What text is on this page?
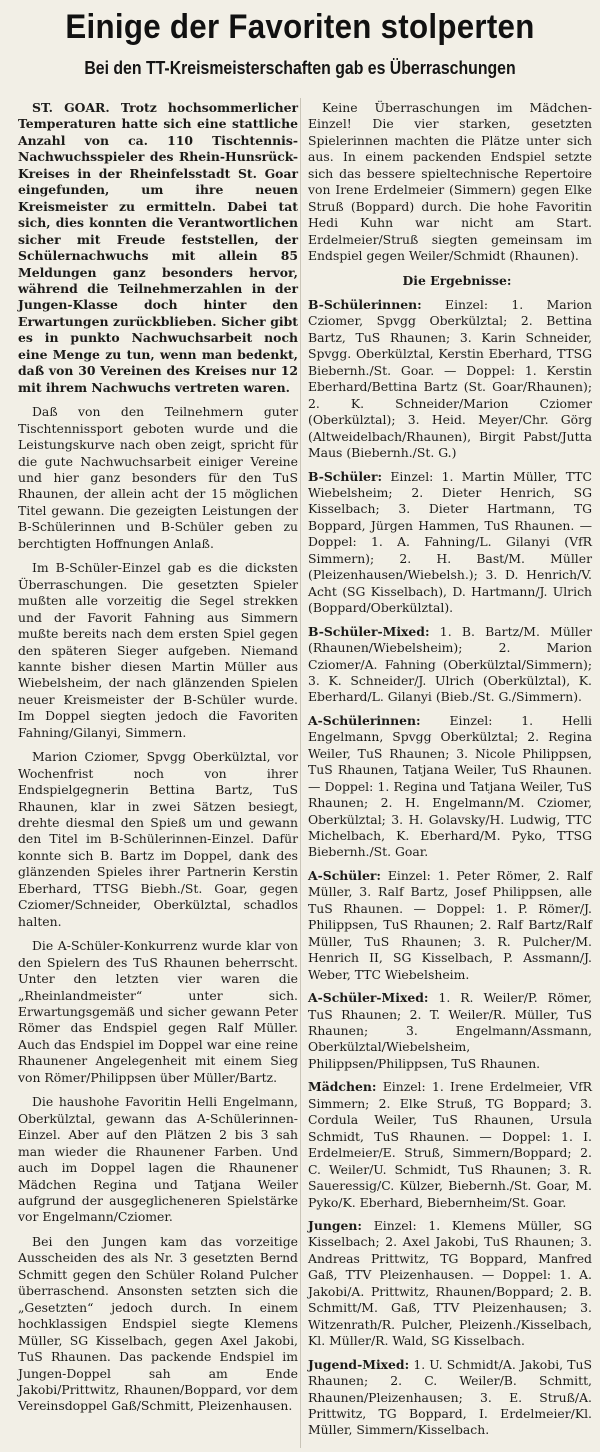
Einige der Favoriten stolperten
Bei den TT-Kreismeisterschaften gab es Überraschungen

ST. GOAR. Trotz hochsommerlicher Temperaturen hatte sich eine stattliche Anzahl von ca. 110 Tischtennis-Nachwuchsspieler des Rhein-Hunsrück-Kreises in der Rheinfelsstadt St. Goar eingefunden, um ihre neuen Kreismeister zu ermitteln. Dabei tat sich, dies konnten die Verantwortlichen sicher mit Freude feststellen, der Schülernachwuchs mit allein 85 Meldungen ganz besonders hervor, während die Teilnehmerzahlen in der Jungen-Klasse doch hinter den Erwartungen zurückblieben. Sicher gibt es in punkto Nachwuchsarbeit noch eine Menge zu tun, wenn man bedenkt, daß von 30 Vereinen des Kreises nur 12 mit ihrem Nachwuchs vertreten waren.

Daß von den Teilnehmern guter Tischtennissport geboten wurde und die Leistungskurve nach oben zeigt, spricht für die gute Nachwuchsarbeit einiger Vereine und hier ganz besonders für den TuS Rhaunen, der allein acht der 15 möglichen Titel gewann. Die gezeigten Leistungen der B-Schülerinnen und B-Schüler geben zu berchtigten Hoffnungen Anlaß.

Im B-Schüler-Einzel gab es die dicksten Überraschungen. Die gesetzten Spieler mußten alle vorzeitig die Segel strekken und der Favorit Fahning aus Simmern mußte bereits nach dem ersten Spiel gegen den späteren Sieger aufgeben. Niemand kannte bisher diesen Martin Müller aus Wiebelsheim, der nach glänzenden Spielen neuer Kreismeister der B-Schüler wurde. Im Doppel siegten jedoch die Favoriten Fahning/Gilanyi, Simmern.

Marion Cziomer, Spvgg Oberkülztal, vor Wochenfrist noch von ihrer Endspielgegnerin Bettina Bartz, TuS Rhaunen, klar in zwei Sätzen besiegt, drehte diesmal den Spieß um und gewann den Titel im B-Schülerinnen-Einzel. Dafür konnte sich B. Bartz im Doppel, dank des glänzenden Spieles ihrer Partnerin Kerstin Eberhard, TTSG Biebh./St. Goar, gegen Cziomer/Schneider, Oberkülztal, schadlos halten.

Die A-Schüler-Konkurrenz wurde klar von den Spielern des TuS Rhaunen beherrscht. Unter den letzten vier waren die „Rheinlandmeister“ unter sich. Erwartungsgemäß und sicher gewann Peter Römer das Endspiel gegen Ralf Müller. Auch das Endspiel im Doppel war eine reine Rhaunener Angelegenheit mit einem Sieg von Römer/Philippsen über Müller/Bartz.

Die haushohe Favoritin Helli Engelmann, Oberkülztal, gewann das A-Schülerinnen-Einzel. Aber auf den Plätzen 2 bis 3 sah man wieder die Rhaunener Farben. Und auch im Doppel lagen die Rhaunener Mädchen Regina und Tatjana Weiler aufgrund der ausgeglicheneren Spielstärke vor Engelmann/Cziomer.

Bei den Jungen kam das vorzeitige Ausscheiden des als Nr. 3 gesetzten Bernd Schmitt gegen den Schüler Roland Pulcher überraschend. Ansonsten setzten sich die „Gesetzten“ jedoch durch. In einem hochklassigen Endspiel siegte Klemens Müller, SG Kisselbach, gegen Axel Jakobi, TuS Rhaunen. Das packende Endspiel im Jungen-Doppel sah am Ende Jakobi/Prittwitz, Rhaunen/Boppard, vor dem Vereinsdoppel Gaß/Schmitt, Pleizenhausen.

Keine Überraschungen im Mädchen-Einzel! Die vier starken, gesetzten Spielerinnen machten die Plätze unter sich aus. In einem packenden Endspiel setzte sich das bessere spieltechnische Repertoire von Irene Erdelmeier (Simmern) gegen Elke Struß (Boppard) durch. Die hohe Favoritin Hedi Kuhn war nicht am Start. Erdelmeier/Struß siegten gemeinsam im Endspiel gegen Weiler/Schmidt (Rhaunen).

Die Ergebnisse:

B-Schülerinnen: Einzel: 1. Marion Cziomer, Spvgg Oberkülztal; 2. Bettina Bartz, TuS Rhaunen; 3. Karin Schneider, Spvgg. Oberkülztal, Kerstin Eberhard, TTSG Biebernh./St. Goar. — Doppel: 1. Kerstin Eberhard/Bettina Bartz (St. Goar/Rhaunen); 2. K. Schneider/Marion Cziomer (Oberkülztal); 3. Heid. Meyer/Chr. Görg (Altweidelbach/Rhaunen), Birgit Pabst/Jutta Maus (Biebernh./St. G.)

B-Schüler: Einzel: 1. Martin Müller, TTC Wiebelsheim; 2. Dieter Henrich, SG Kisselbach; 3. Dieter Hartmann, TG Boppard, Jürgen Hammen, TuS Rhaunen. — Doppel: 1. A. Fahning/L. Gilanyi (VfR Simmern); 2. H. Bast/M. Müller (Pleizenhausen/Wiebelsh.); 3. D. Henrich/V. Acht (SG Kisselbach), D. Hartmann/J. Ulrich (Boppard/Oberkülztal).

B-Schüler-Mixed: 1. B. Bartz/M. Müller (Rhaunen/Wiebelsheim); 2. Marion Cziomer/A. Fahning (Oberkülztal/Simmern); 3. K. Schneider/J. Ulrich (Oberkülztal), K. Eberhard/L. Gilanyi (Bieb./St. G./Simmern).

A-Schülerinnen: Einzel: 1. Helli Engelmann, Spvgg Oberkülztal; 2. Regina Weiler, TuS Rhaunen; 3. Nicole Philippsen, TuS Rhaunen, Tatjana Weiler, TuS Rhaunen. — Doppel: 1. Regina und Tatjana Weiler, TuS Rhaunen; 2. H. Engelmann/M. Cziomer, Oberkülztal; 3. H. Golavsky/H. Ludwig, TTC Michelbach, K. Eberhard/M. Pyko, TTSG Biebernh./St. Goar.

A-Schüler: Einzel: 1. Peter Römer, 2. Ralf Müller, 3. Ralf Bartz, Josef Philippsen, alle TuS Rhaunen. — Doppel: 1. P. Römer/J. Philippsen, TuS Rhaunen; 2. Ralf Bartz/Ralf Müller, TuS Rhaunen; 3. R. Pulcher/M. Henrich II, SG Kisselbach, P. Assmann/J. Weber, TTC Wiebelsheim.

A-Schüler-Mixed: 1. R. Weiler/P. Römer, TuS Rhaunen; 2. T. Weiler/R. Müller, TuS Rhaunen; 3. Engelmann/Assmann, Oberkülztal/Wiebelsheim, Philippsen/Philippsen, TuS Rhaunen.

Mädchen: Einzel: 1. Irene Erdelmeier, VfR Simmern; 2. Elke Struß, TG Boppard; 3. Cordula Weiler, TuS Rhaunen, Ursula Schmidt, TuS Rhaunen. — Doppel: 1. I. Erdelmeier/E. Struß, Simmern/Boppard; 2. C. Weiler/U. Schmidt, TuS Rhaunen; 3. R. Saueressig/C. Külzer, Biebernh./St. Goar, M. Pyko/K. Eberhard, Biebernheim/St. Goar.

Jungen: Einzel: 1. Klemens Müller, SG Kisselbach; 2. Axel Jakobi, TuS Rhaunen; 3. Andreas Prittwitz, TG Boppard, Manfred Gaß, TTV Pleizenhausen. — Doppel: 1. A. Jakobi/A. Prittwitz, Rhaunen/Boppard; 2. B. Schmitt/M. Gaß, TTV Pleizenhausen; 3. Witzenrath/R. Pulcher, Pleizenh./Kisselbach, Kl. Müller/R. Wald, SG Kisselbach.

Jugend-Mixed: 1. U. Schmidt/A. Jakobi, TuS Rhaunen; 2. C. Weiler/B. Schmitt, Rhaunen/Pleizenhausen; 3. E. Struß/A. Prittwitz, TG Boppard, I. Erdelmeier/Kl. Müller, Simmern/Kisselbach.
